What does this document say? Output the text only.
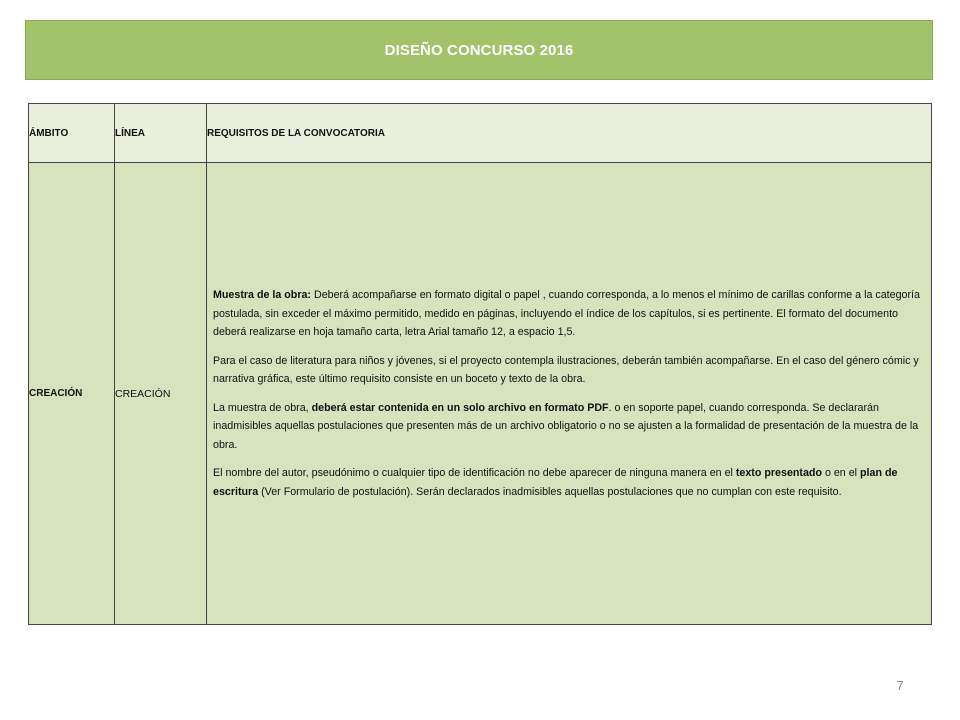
DISEÑO CONCURSO 2016
ÁMBITO	LÍNEA	REQUISITOS DE LA CONVOCATORIA
CREACIÓN	CREACIÓN	Muestra de la obra: Deberá acompañarse en formato digital o papel , cuando corresponda, a lo menos el mínimo de carillas conforme a la categoría postulada, sin exceder el máximo permitido, medido en páginas, incluyendo el índice de los capítulos, si es pertinente. El formato del documento deberá realizarse en hoja tamaño carta, letra Arial tamaño 12, a espacio 1,5.

Para el caso de literatura para niños y jóvenes, si el proyecto contempla ilustraciones, deberán también acompañarse. En el caso del género cómic y narrativa gráfica, este último requisito consiste en un boceto y texto de la obra.

La muestra de obra, deberá estar contenida en un solo archivo en formato PDF. o en soporte papel, cuando corresponda. Se declararán inadmisibles aquellas postulaciones que presenten más de un archivo obligatorio o no se ajusten a la formalidad de presentación de la muestra de la obra.

El nombre del autor, pseudónimo o cualquier tipo de identificación no debe aparecer de ninguna manera en el texto presentado o en el plan de escritura (Ver Formulario de postulación). Serán declarados inadmisibles aquellas postulaciones que no cumplan con este requisito.

7
